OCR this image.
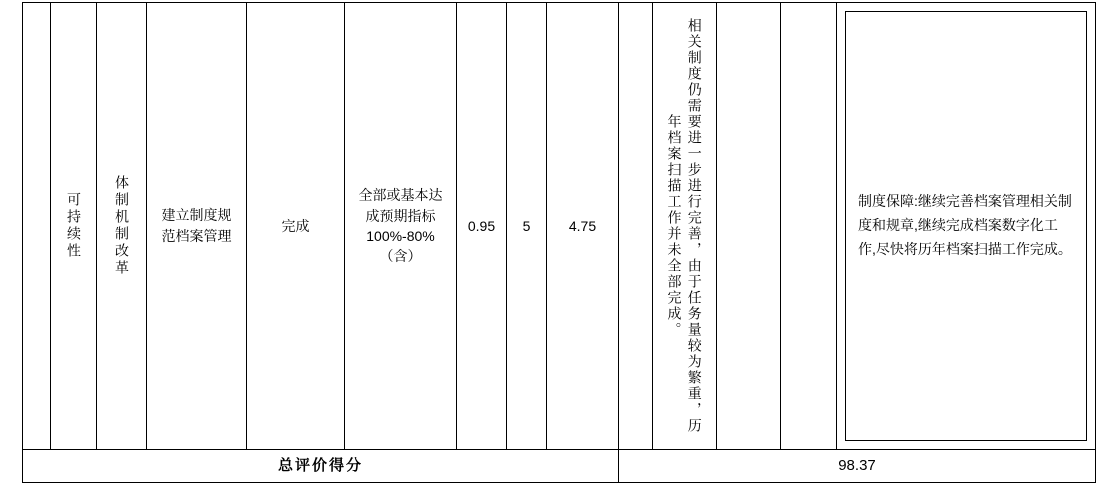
	可持续性	体制机制改革	建立制度规范档案管理	完成	全部或基本达成预期指标100%-80%（含）	0.95	5	4.75		相关制度仍需要进一步进行完善，由于任务量较为繁重，历年档案扫描工作并未全部完成。			制度保障:继续完善档案管理相关制度和规章,继续完成档案数字化工作,尽快将历年档案扫描工作完成。

总评价得分									98.37				
